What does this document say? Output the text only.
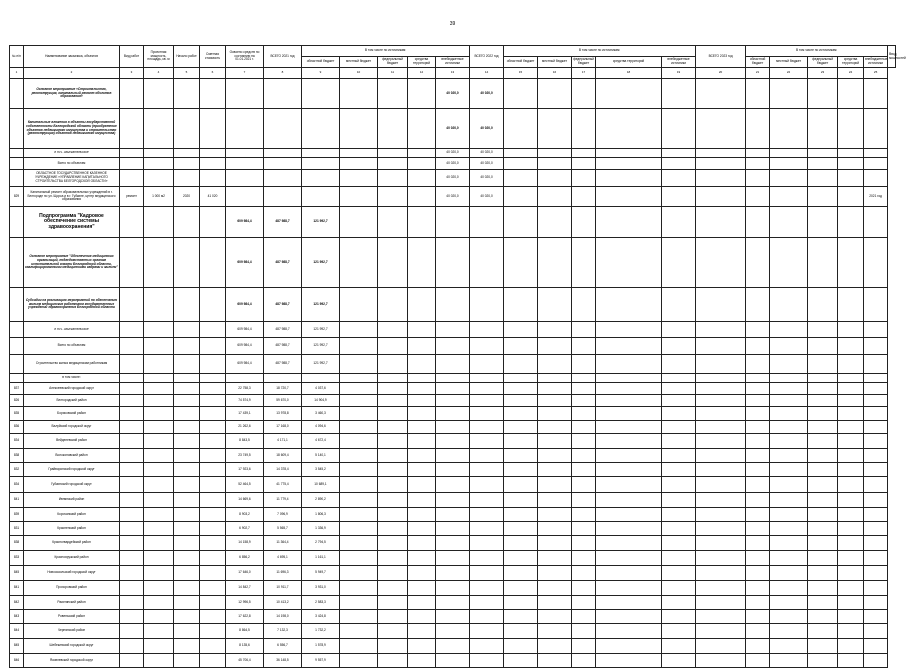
39
№ п/п	Наименование заказчика, объектов	Вид работ	Проектная мощность, площадь, кв. м	Начало работ	Сметная стоимость	Освоено средств по состоянию на 01.01.2021 г.	ВСЕГО 2021 год	В том числе по источникам:					ВСЕГО 2022 год	В том числе по источникам:					ВСЕГО 2023 год	В том числе по источникам:					Ввод мощностей
								областной бюджет	местный бюджет	федеральный бюджет	средства территорий	внебюджетные источники		областной бюджет	местный бюджет	федеральный бюджет	средства территорий	внебюджетные источники		областной бюджет	местный бюджет	федеральный бюджет	средства территорий	внебюджетные источники	
1	2	3	4	5	6	7	8	9	10	11	12	13	14	15	16	17	18	19	20	21	22	23	24	25	
	Основное мероприятие «Строительство, реконструкция, капитальный ремонт объектов образования»											40 020,0	40 020,0												
	Капитальные вложения в объекты государственной собственности Белгородской области (приобретение объектов недвижимого имущества и строительство (реконструкция) объектов недвижимого имущества)											40 020,0	40 020,0												
	в т.ч. изыскательские											40 020,0	40 020,0												
	Всего по объектам											40 020,0	40 020,0												
	ОБЛАСТНОЕ ГОСУДАРСТВЕННОЕ КАЗЕННОЕ УЧРЕЖДЕНИЕ «УПРАВЛЕНИЕ КАПИТАЛЬНОГО СТРОИТЕЛЬСТВА БЕЛГОРОДСКОЙ ОБЛАСТИ»											40 020,0	40 020,0												
829	Капитальный ремонт образовательных учреждений в г. Белгороде по ул. Щорса и в г. Губкине, центр медицинского образования	ремонт	1 000 м2	2020	41 020							40 020,0	40 020,0											2021 год	
	Подпрограмма "Кадровое обеспечение системы здравоохранения"					609 984,4	487 988,7	121 992,7																	
	Основное мероприятие "Обеспечение медицинских организаций, подведомственных органам исполнительной власти Белгородской области, квалифицированными медицинскими кадрами и жильем"					609 984,4	487 988,7	121 992,7																	
	Субсидии на реализацию мероприятий по обеспечению жильем медицинских работников государственных учреждений здравоохранения Белгородской области					609 984,4	487 988,7	121 992,7																	
	в т.ч. изыскательские					609 984,4	487 988,7	121 992,7																	
	Всего по объектам					609 984,4	487 988,7	121 992,7																	
	Строительство жилья медицинским работникам					609 984,4	487 988,7	121 992,7																	
	в том числе:																								
837	Алексеевский городской округ					22 758,3	18 720,7	4 037,6																	
826	Белгородский район					74 574,9	59 670,0	14 904,9																	
835	Борисовский район					17 439,1	13 978,8	3 460,3																	
836	Валуйский городской округ					21 262,6	17 168,0	4 094,6																	
834	Вейделевский район					8 843,5	4 171,1	4 672,4																	
838	Волоконовский район					23 749,5	18 609,4	5 140,1																	
832	Грайворонский городской округ					17 923,6	14 378,4	3 545,2																	
834	Губкинский городской округ					52 464,5	41 775,4	10 689,1																	
841	Ивнянский район					14 669,6	11 779,4	2 890,2																	
839	Корочанский район					8 903,2	7 096,9	1 806,3																	
831	Красненский район					6 902,7	5 565,7	1 336,9																	
838	Красногвардейский район					14 158,9	11 364,4	2 794,5																	
833	Краснояружский район					6 856,2	4 695,1	1 161,1																	
845	Новооскольский городской округ					17 646,0	11 696,3	5 949,7																	
841	Прохоровский район					14 842,7	10 911,7	3 931,0																	
842	Ракитянский район					12 996,5	10 413,2	2 583,3																	
843	Ровеньский район					17 622,8	14 198,0	3 424,8																	
844	Чернянский район					8 864,5	7 132,3	1 732,2																	
845	Шебекинский городской округ					8 135,6	6 556,7	1 578,9																	
846	Яковлевский городской округ					45 706,4	36 148,5	9 557,9																	
